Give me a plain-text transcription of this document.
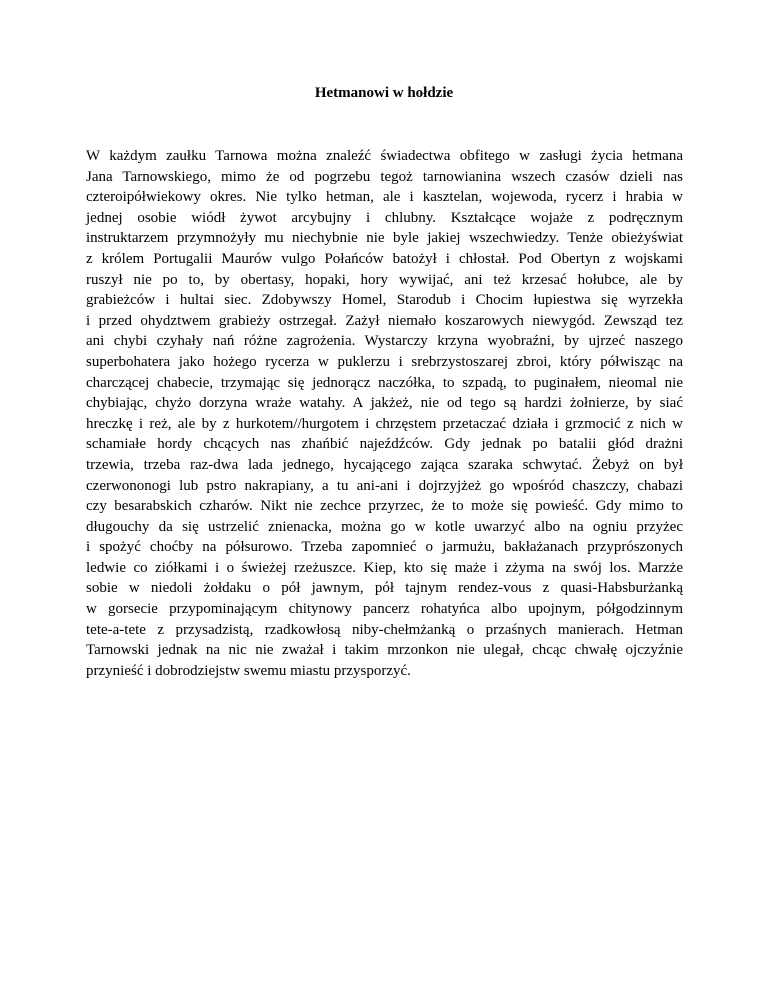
Hetmanowi w hołdzie
W każdym zaułku Tarnowa można znaleźć świadectwa obfitego w zasługi życia hetmana
Jana Tarnowskiego, mimo że od pogrzebu tegoż tarnowianina wszech czasów dzieli nas
czteroipółwiekowy okres. Nie tylko hetman, ale i kasztelan, wojewoda, rycerz i hrabia w
jednej osobie wiódł żywot arcybujny i chlubny. Kształcące wojaże z podręcznym
instruktarzem przymnożyły mu niechybnie nie byle jakiej wszechwiedzy. Tenże obieżyświat
z królem Portugalii Maurów vulgo Połańców batożył i chłostał. Pod Obertyn z wojskami
ruszył nie po to, by obertasy, hopaki, hory wywijać, ani też krzesać hołubce, ale by
grabieżców i hultai siec. Zdobywszy Homel, Starodub i Chocim łupiestwa się wyrzekła
i przed ohydztwem grabieży ostrzegał. Zażył niemało koszarowych niewygód. Zewsząd tez
ani chybi czyhały nań różne zagrożenia. Wystarczy krzyna wyobraźni, by ujrzeć naszego
superbohatera jako hożego rycerza w puklerzu i srebrzystoszarej zbroi, który półwisząc na
charczącej chabecie, trzymając się jednorącz naczółka, to szpadą, to puginałem, nieomal nie
chybiając, chyżo dorzyna wraże watahy. A jakżeż, nie od tego są hardzi żołnierze, by siać
hreczkę i reż, ale by z hurkotem//hurgotem i chrzęstem przetaczać działa i grzmocić z nich w
schamiałe hordy chcących nas zhańbić najeźdźców. Gdy jednak po batalii głód drażni
trzewia, trzeba raz-dwa lada jednego, hycającego zająca szaraka schwytać. Żebyż on był
czerwononogi lub pstro nakrapiany, a tu ani-ani i dojrzyjżeż go wpośród chaszczy, chabazi
czy besarabskich czharów. Nikt nie zechce przyrzec, że to może się powieść. Gdy mimo to
długouchy da się ustrzelić znienacka, można go w kotle uwarzyć albo na ogniu przyżec
i spożyć choćby na półsurowo. Trzeba zapomnieć o jarmużu, bakłażanach przyprószonych
ledwie co ziółkami i o świeżej rzeżuszce. Kiep, kto się maże i zżyma na swój los. Marzże
sobie w niedoli żołdaku o pół jawnym, pół tajnym rendez-vous z quasi-Habsburżanką
w gorsecie przypominającym chitynowy pancerz rohatyńca albo upojnym, półgodzinnym
tete-a-tete z przysadzistą, rzadkowłosą niby-chełmżanką o przaśnych manierach. Hetman
Tarnowski jednak na nic nie zważał i takim mrzonkon nie ulegał, chcąc chwałę ojczyźnie
przynieść i dobrodziejstw swemu miastu przysporzyć.
